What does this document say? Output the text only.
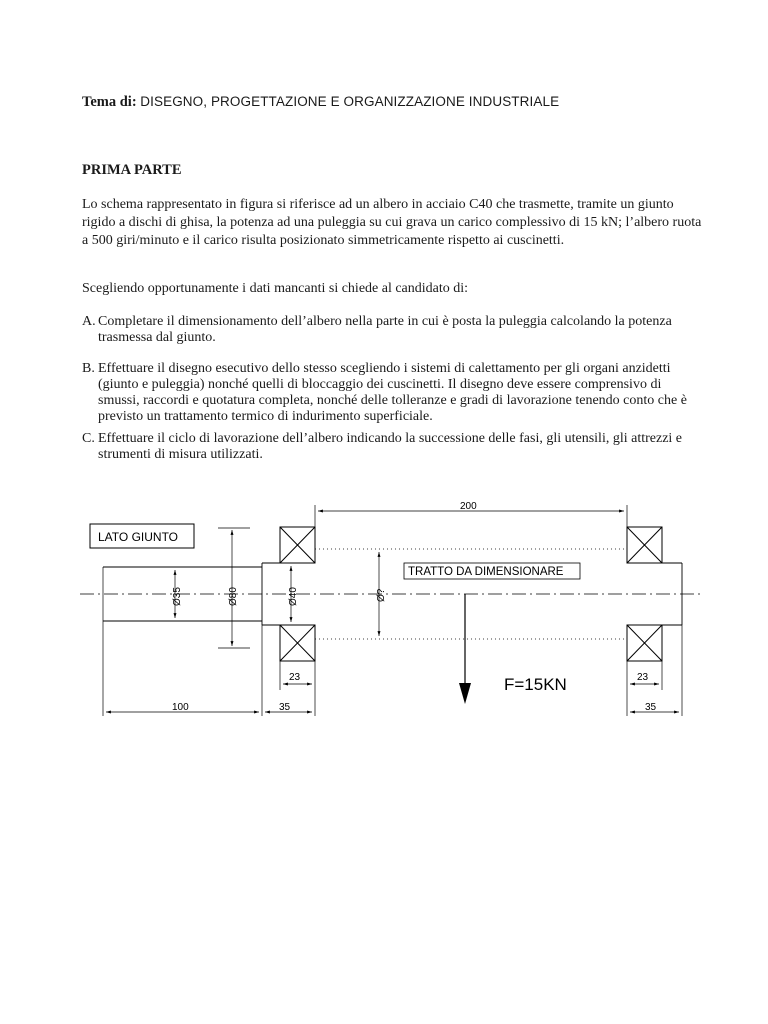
Tema di: DISEGNO, PROGETTAZIONE E ORGANIZZAZIONE INDUSTRIALE
PRIMA PARTE

Lo schema rappresentato in figura si riferisce ad un albero in acciaio C40 che trasmette, tramite un giunto rigido a dischi di ghisa, la potenza ad una puleggia su cui grava un carico complessivo di 15 kN; l’albero ruota a 500 giri/minuto e il carico risulta posizionato simmetricamente rispetto ai cuscinetti.

Scegliendo opportunamente i dati mancanti si chiede al candidato di:

A. Completare il dimensionamento dell’albero nella parte in cui è posta la puleggia calcolando la potenza trasmessa dal giunto.
B. Effettuare il disegno esecutivo dello stesso scegliendo i sistemi di calettamento per gli organi anzidetti (giunto e puleggia) nonché quelli di bloccaggio dei cuscinetti. Il disegno deve essere comprensivo di smussi, raccordi e quotatura completa, nonché delle tolleranze e gradi di lavorazione tenendo conto che è previsto un trattamento termico di indurimento superficiale.
C. Effettuare il ciclo di lavorazione dell’albero indicando la successione delle fasi, gli utensili, gli attrezzi e strumenti di misura utilizzati.
LATO GIUNTO
TRATTO DA DIMENSIONARE
F=15KN
200
Ø35	Ø80	Ø40	Ø?
23	23
100	35	35
